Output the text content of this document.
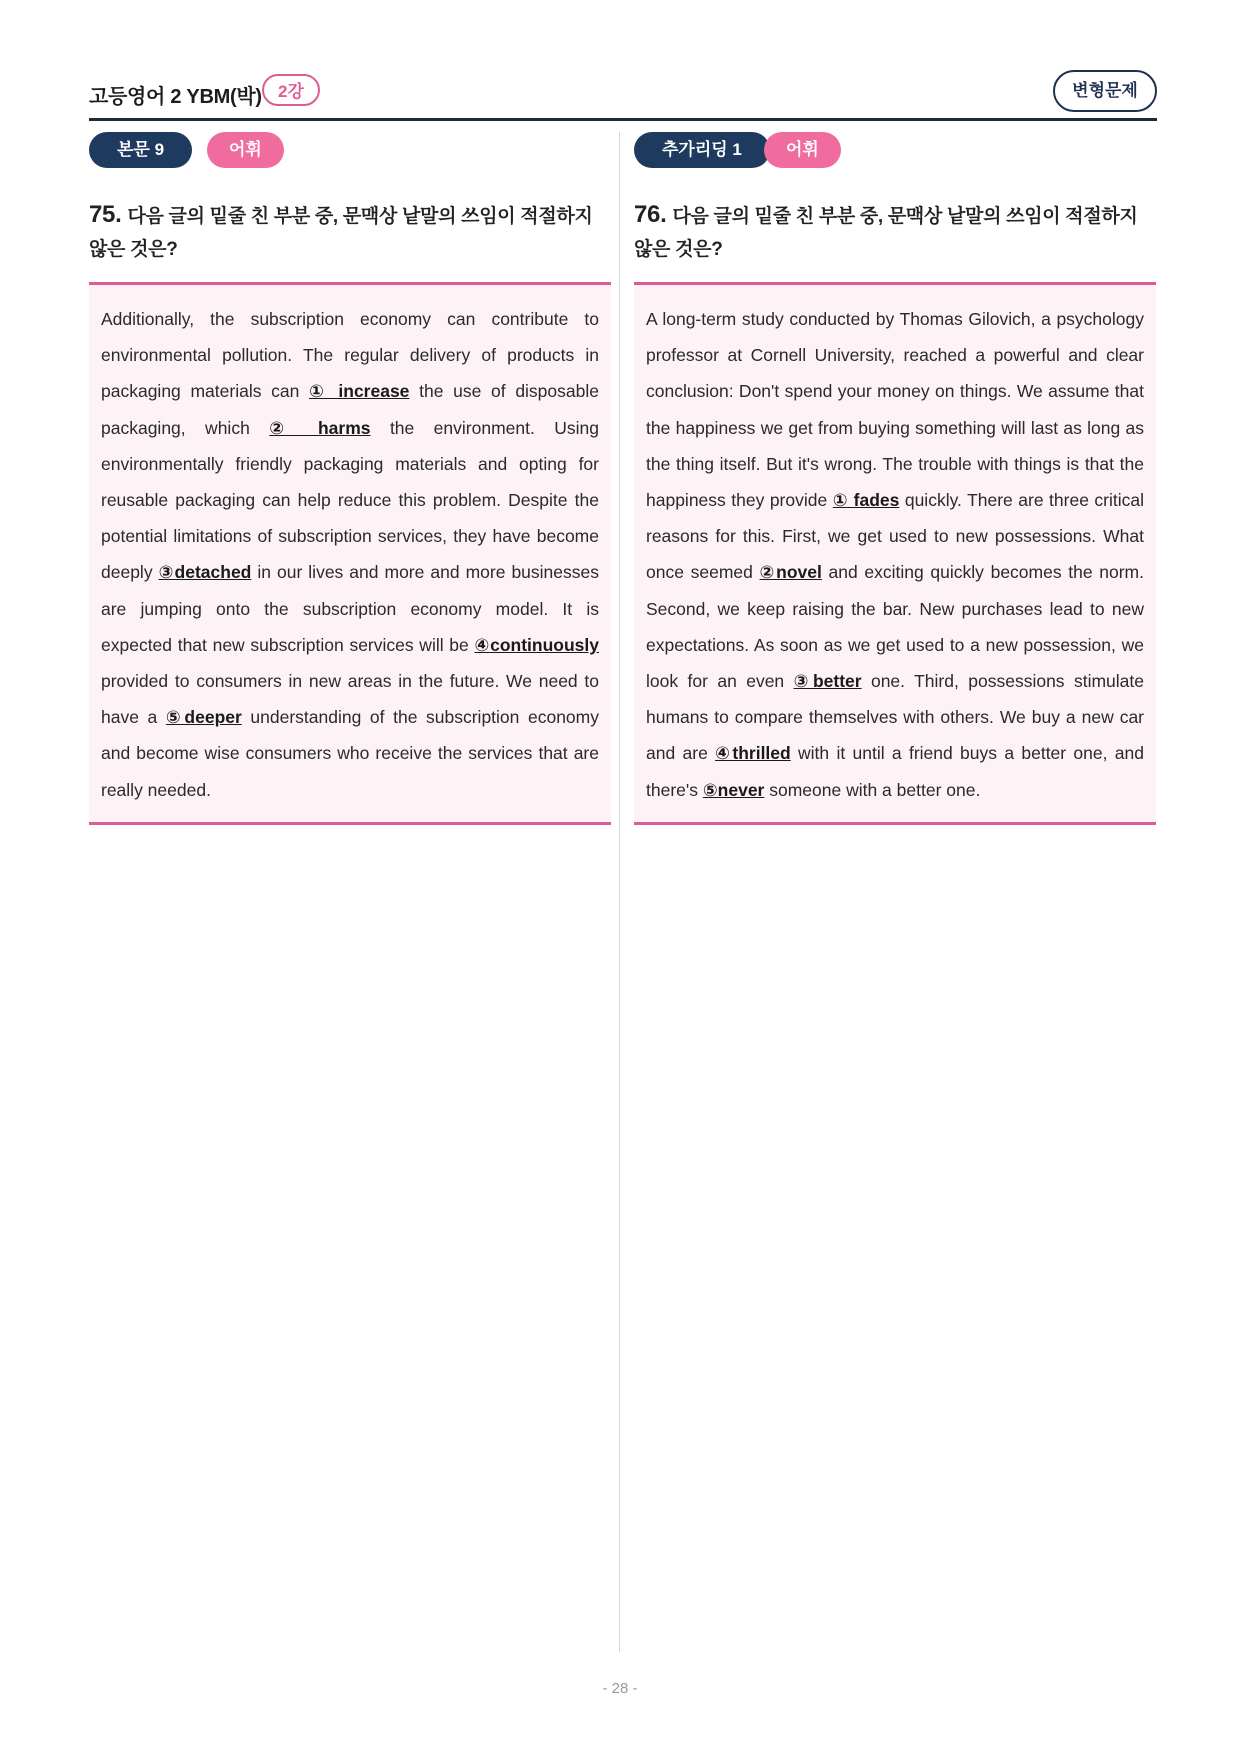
고등영어 2 YBM(박) 2강	변형문제
본문 9	어휘
75. 다음 글의 밑줄 친 부분 중, 문맥상 낱말의 쓰임이 적절하지 않은 것은?
Additionally, the subscription economy can contribute to environmental pollution. The regular delivery of products in packaging materials can ① increase the use of disposable packaging, which ② harms the environment. Using environmentally friendly packaging materials and opting for reusable packaging can help reduce this problem. Despite the potential limitations of subscription services, they have become deeply ③detached in our lives and more and more businesses are jumping onto the subscription economy model. It is expected that new subscription services will be ④continuously provided to consumers in new areas in the future. We need to have a ⑤deeper understanding of the subscription economy and become wise consumers who receive the services that are really needed.
추가리딩 1	어휘
76. 다음 글의 밑줄 친 부분 중, 문맥상 낱말의 쓰임이 적절하지 않은 것은?
A long-term study conducted by Thomas Gilovich, a psychology professor at Cornell University, reached a powerful and clear conclusion: Don't spend your money on things. We assume that the happiness we get from buying something will last as long as the thing itself. But it's wrong. The trouble with things is that the happiness they provide ① fades quickly. There are three critical reasons for this. First, we get used to new possessions. What once seemed ②novel and exciting quickly becomes the norm. Second, we keep raising the bar. New purchases lead to new expectations. As soon as we get used to a new possession, we look for an even ③better one. Third, possessions stimulate humans to compare themselves with others. We buy a new car and are ④thrilled with it until a friend buys a better one, and there's ⑤never someone with a better one.
- 28 -
